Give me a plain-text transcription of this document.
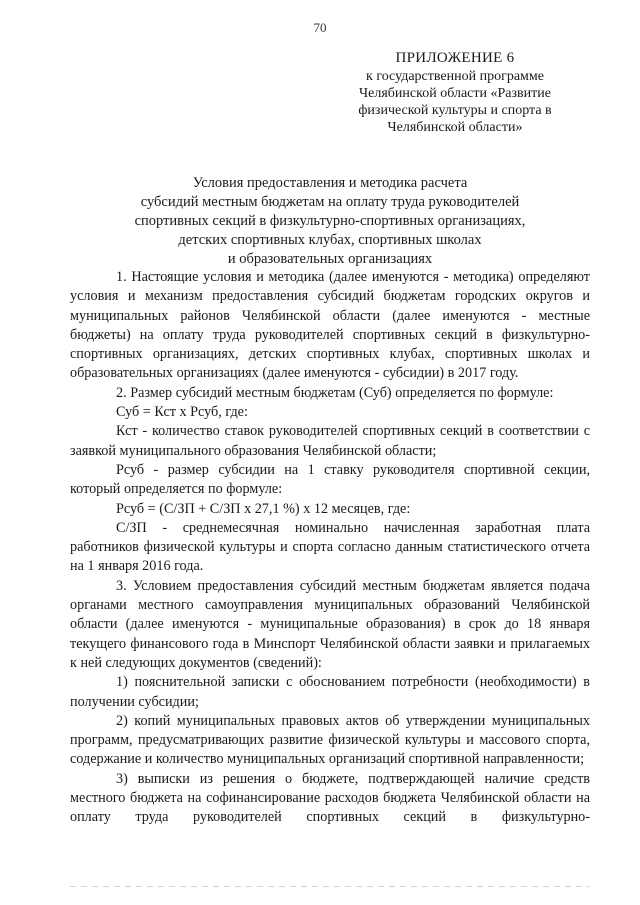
70
ПРИЛОЖЕНИЕ 6
к государственной программе
Челябинской области «Развитие
физической культуры и спорта в
Челябинской области»
Условия предоставления и методика расчета
субсидий местным бюджетам на оплату труда руководителей
спортивных секций в физкультурно-спортивных организациях,
детских спортивных клубах, спортивных школах
и образовательных организациях

1. Настоящие условия и методика (далее именуются - методика) определяют условия и механизм предоставления субсидий бюджетам городских округов и муниципальных районов Челябинской области (далее именуются - местные бюджеты) на оплату труда руководителей спортивных секций в физкультурно-спортивных организациях, детских спортивных клубах, спортивных школах и образовательных организациях (далее именуются - субсидии) в 2017 году.

2. Размер субсидий местным бюджетам (Суб) определяется по формуле:

Суб = Кст х Рсуб, где:

Кст - количество ставок руководителей спортивных секций в соответствии с заявкой муниципального образования Челябинской области;

Рсуб - размер субсидии на 1 ставку руководителя спортивной секции, который определяется по формуле:

Рсуб = (С/ЗП + С/ЗП х 27,1 %) х 12 месяцев, где:

С/ЗП - среднемесячная номинально начисленная заработная плата работников физической культуры и спорта согласно данным статистического отчета на 1 января 2016 года.

3. Условием предоставления субсидий местным бюджетам является подача органами местного самоуправления муниципальных образований Челябинской области (далее именуются - муниципальные образования) в срок до 18 января текущего финансового года в Минспорт Челябинской области заявки и прилагаемых к ней следующих документов (сведений):

1) пояснительной записки с обоснованием потребности (необходимости) в получении субсидии;

2) копий муниципальных правовых актов об утверждении муниципальных программ, предусматривающих развитие физической культуры и массового спорта, содержание и количество муниципальных организаций спортивной направленности;

3) выписки из решения о бюджете, подтверждающей наличие средств местного бюджета на софинансирование расходов бюджета Челябинской области на оплату труда руководителей спортивных секций в физкультурно-
